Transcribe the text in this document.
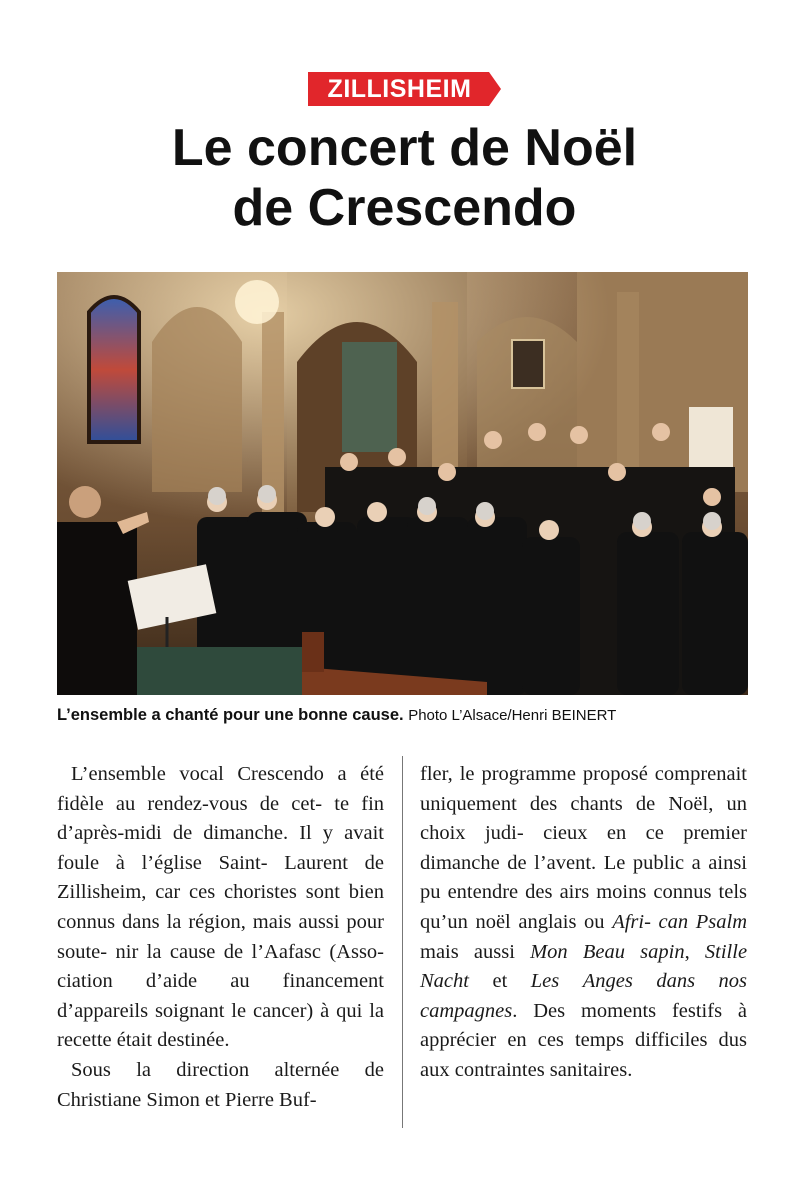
ZILLISHEIM
Le concert de Noël
de Crescendo
L’ensemble a chanté pour une bonne cause. Photo L’Alsace/Henri BEINERT

L’ensemble vocal Crescendo a été fidèle au rendez-vous de cet- te fin d’après-midi de dimanche. Il y avait foule à l’église Saint- Laurent de Zillisheim, car ces choristes sont bien connus dans la région, mais aussi pour soute- nir la cause de l’Aafasc (Asso- ciation d’aide au financement d’appareils soignant le cancer) à qui la recette était destinée.

Sous la direction alternée de Christiane Simon et Pierre Buf-

fler, le programme proposé comprenait uniquement des chants de Noël, un choix judi- cieux en ce premier dimanche de l’avent. Le public a ainsi pu entendre des airs moins connus tels qu’un noël anglais ou Afri- can Psalm mais aussi Mon Beau sapin, Stille Nacht et Les Anges dans nos campagnes. Des moments festifs à apprécier en ces temps difficiles dus aux contraintes sanitaires.
